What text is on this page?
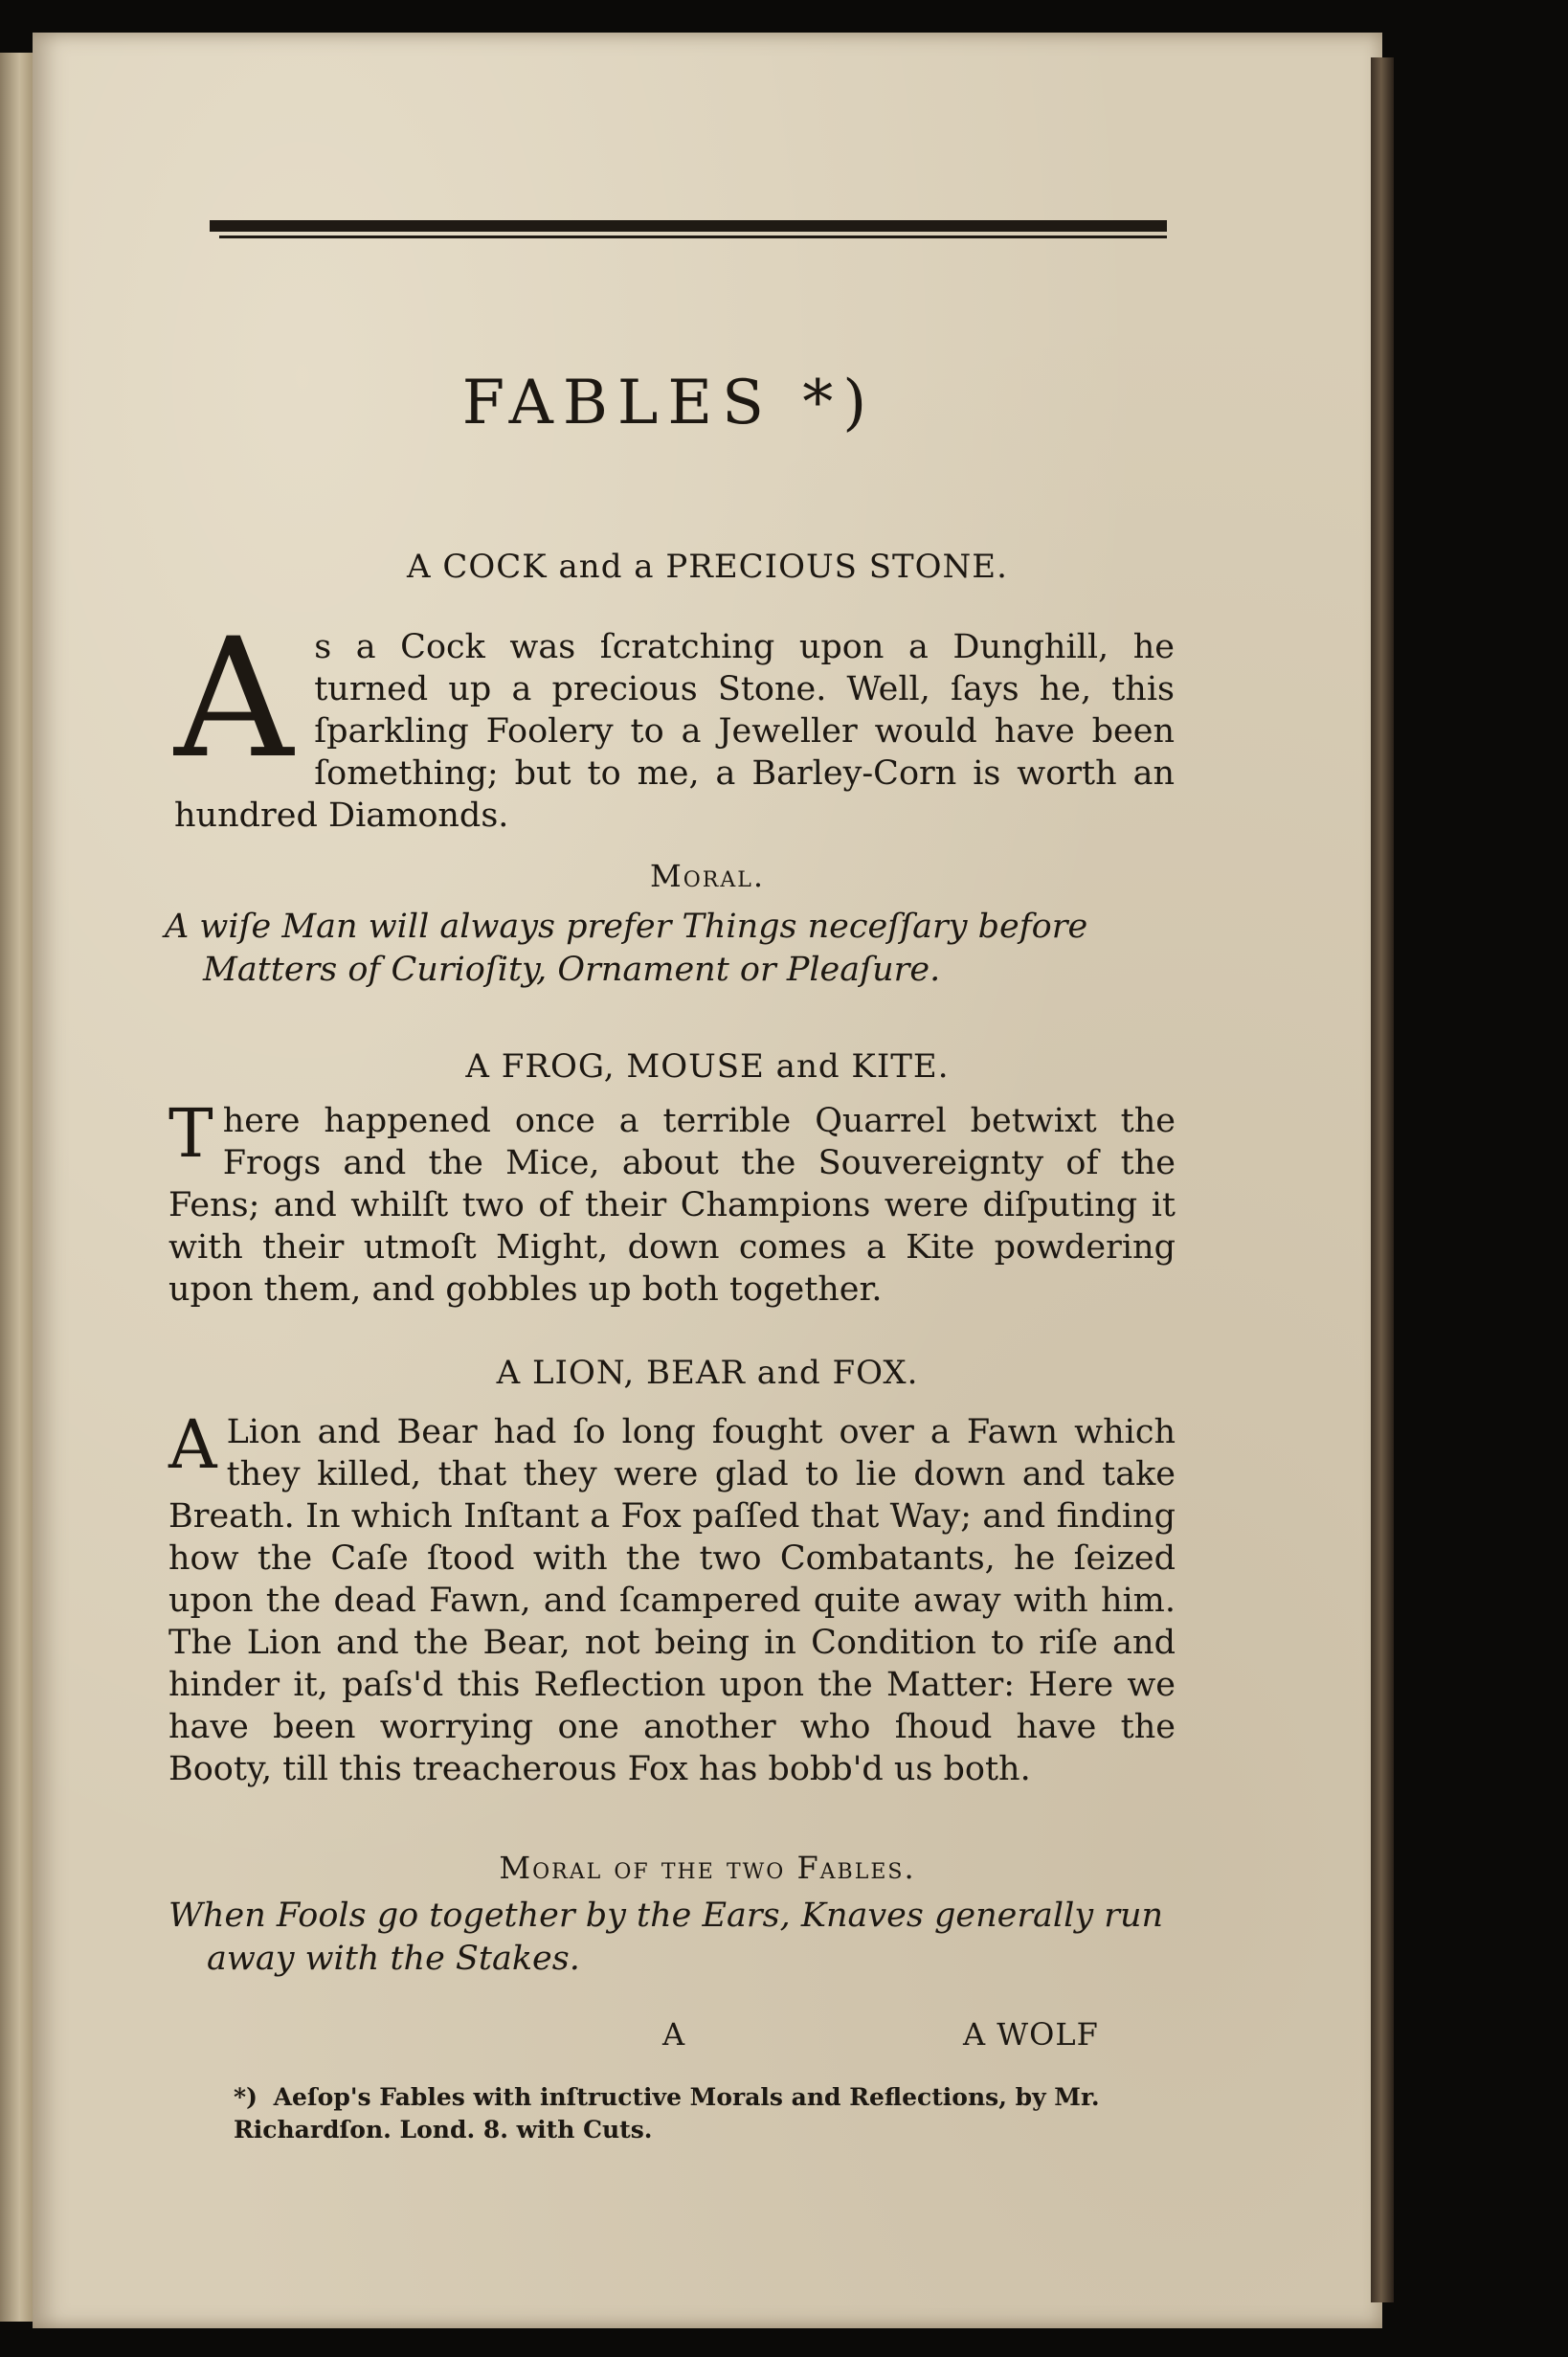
FABLES *)
A COCK and a PRECIOUS STONE.
A s a Cock was ſcratching upon a Dunghill, he turned up a precious Stone. Well, ſays he, this ſparkling Foolery to a Jeweller would have been ſomething; but to me, a Barley-Corn is worth an hundred Diamonds.
Moral.
A wiſe Man will always prefer Things neceſſary before Matters of Curioſity, Ornament or Pleaſure.
A FROG, MOUSE and KITE.
T here happened once a terrible Quarrel betwixt the Frogs and the Mice, about the Souvereignty of the Fens; and whilſt two of their Champions were diſputing it with their utmoſt Might, down comes a Kite powdering upon them, and gobbles up both together.
A LION, BEAR and FOX.
A Lion and Bear had ſo long fought over a Fawn which they killed, that they were glad to lie down and take Breath. In which Inſtant a Fox paſſed that Way; and finding how the Caſe ſtood with the two Combatants, he ſeized upon the dead Fawn, and ſcampered quite away with him. The Lion and the Bear, not being in Condition to riſe and hinder it, paſs'd this Reflection upon the Matter: Here we have been worrying one another who ſhoud have the Booty, till this treacherous Fox has bobb'd us both.
Moral of the two Fables.
When Fools go together by the Ears, Knaves generally run away with the Stakes.
A	A WOLF
*) Aeſop's Fables with inſtructive Morals and Reflections, by Mr. Richardſon. Lond. 8. with Cuts.
